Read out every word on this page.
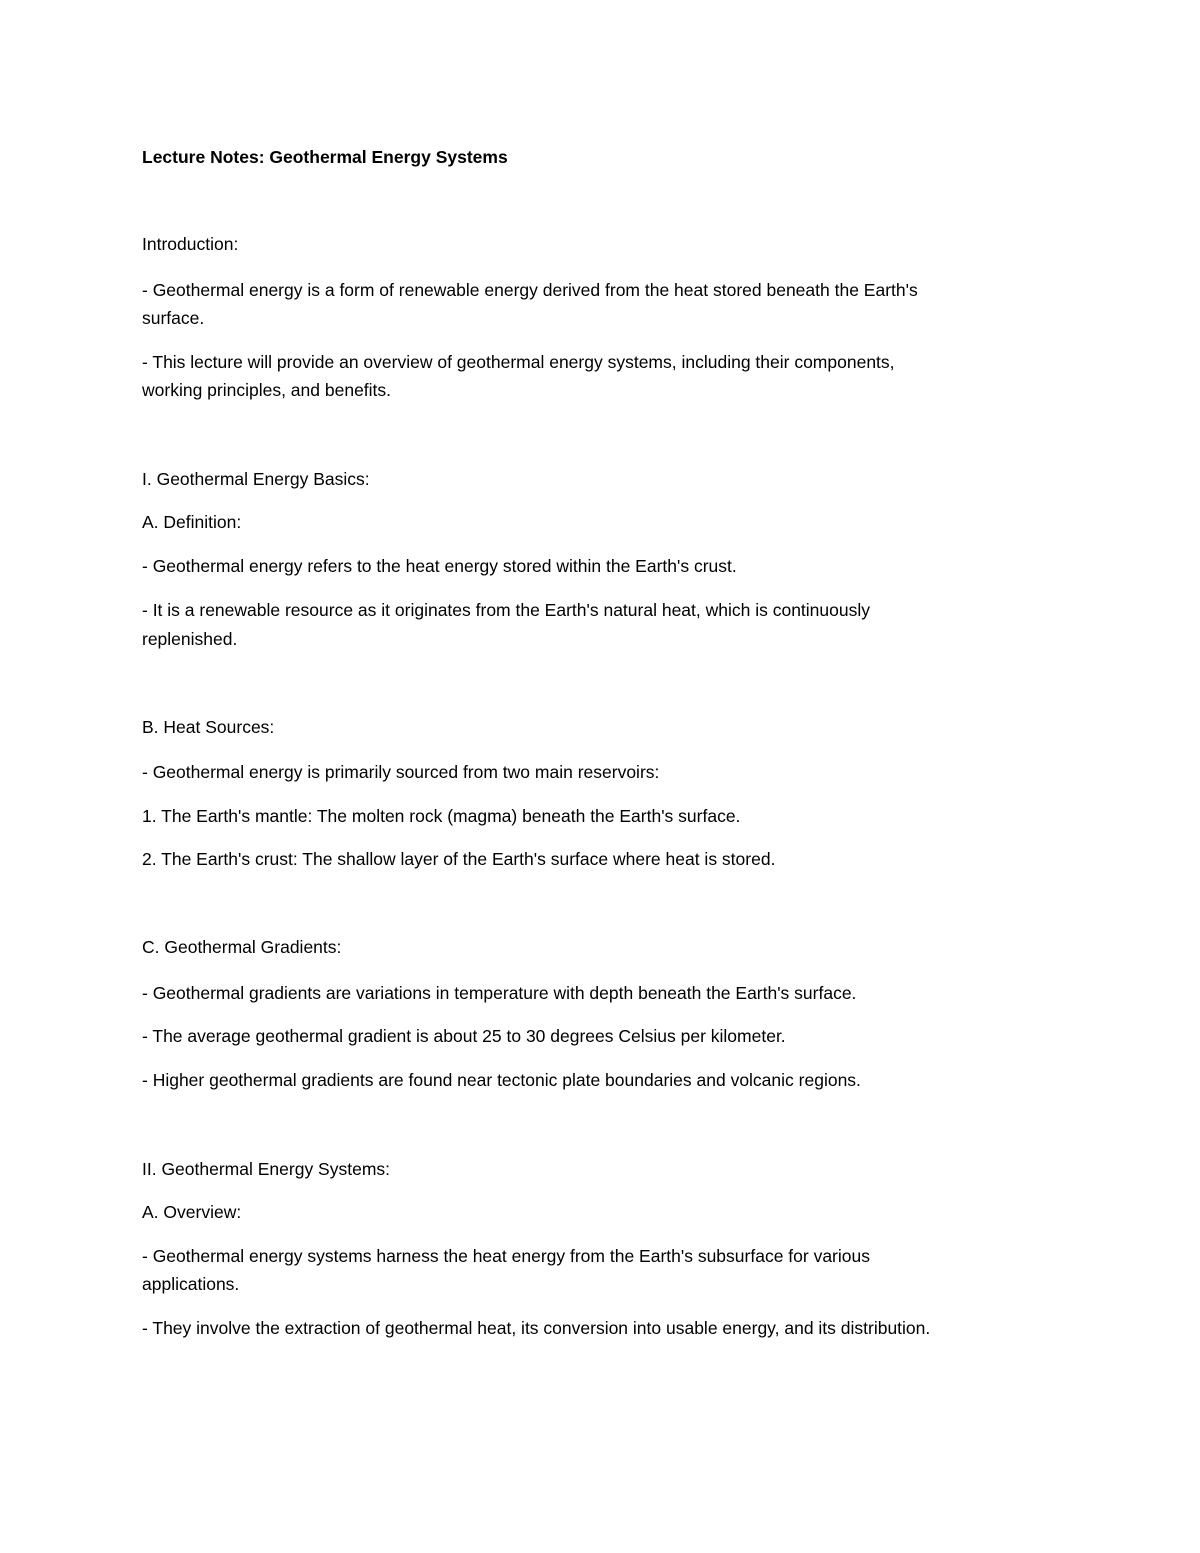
Lecture Notes: Geothermal Energy Systems

Introduction:

- Geothermal energy is a form of renewable energy derived from the heat stored beneath the Earth's

surface.

- This lecture will provide an overview of geothermal energy systems, including their components,

working principles, and benefits.

I. Geothermal Energy Basics:

A. Definition:

- Geothermal energy refers to the heat energy stored within the Earth's crust.

- It is a renewable resource as it originates from the Earth's natural heat, which is continuously

replenished.

B. Heat Sources:

- Geothermal energy is primarily sourced from two main reservoirs:

1. The Earth's mantle: The molten rock (magma) beneath the Earth's surface.

2. The Earth's crust: The shallow layer of the Earth's surface where heat is stored.

C. Geothermal Gradients:

- Geothermal gradients are variations in temperature with depth beneath the Earth's surface.

- The average geothermal gradient is about 25 to 30 degrees Celsius per kilometer.

- Higher geothermal gradients are found near tectonic plate boundaries and volcanic regions.

II. Geothermal Energy Systems:

A. Overview:

- Geothermal energy systems harness the heat energy from the Earth's subsurface for various

applications.

- They involve the extraction of geothermal heat, its conversion into usable energy, and its distribution.
